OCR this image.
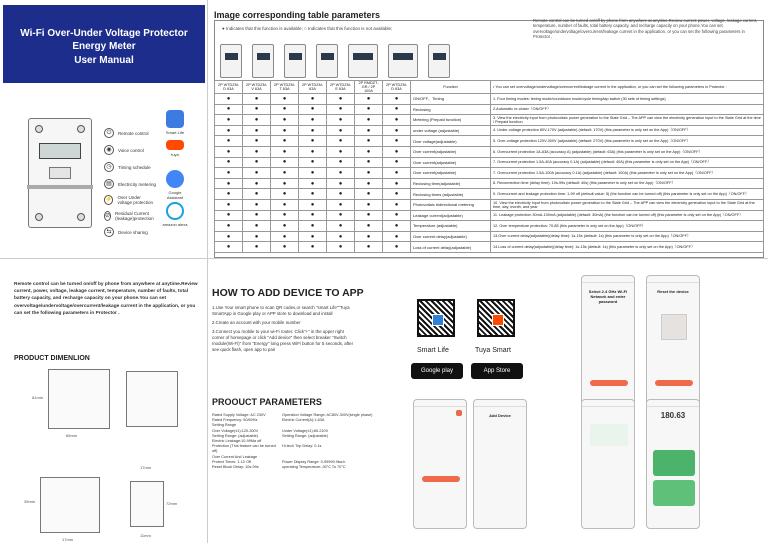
Wi-Fi Over-Under Voltage Protector Energy Meter
User Manual
⏻	Remote control
◉	Voice control
◷	Timing schedule
▤	Electricity metering
⚡ Over Under voltage protection
⊘ Residual Current (leakage)protection
⇆	Device sharing
Smart Life
tuya
Google Assistant
amazon alexa
Image corresponding table parameters
● Indicates that this function is available; ○ Indicates that this function is not available;
Remote control can be turned on/off by phone from anywhere at anytime.Review current power, voltage, leakage current, temperature, number of faults, total battery capacity, and recharge capacity on your phone.You can set overvoltage/undervoltage/overcurrent/leakage current in the application, or you can set the following parameters in Protector .
2P WTDZM-D 63A	2P WTDZM-V 63A	2P WTDZM-T 63A	2P WTDZM-63A	2P WTDZM-E 63A	2P RMDZT-GR / 2P 100A	2P WTDZM-D 63A	Function	• You can set overvoltage/undervoltage/overcurrent/leakage current in the application, or you can set the following parameters in Protector :
●	●	●	●	●	●	●	ON/OFF、Timing	1. Four timing modes: timing mode/countdown mode/cycle timing/tap switch (30 sets of timing settings)
●	●	●	●	●	●	●	Reclosing	2.Automatic re-closer（ON/OFF）
●	●	●	●	●	●	●	Metering (Prepaid function)	3. View the electricity input from photovoltaic power generation to the State Grid – The APP can view the electricity generation input to the State Grid at the time / Prepaid function
●	●	●	●	●	●	●	under voltage (adjustable)	4. Under-voltage protection 80V-170V (adjustable) (default: 170V) (this parameter is only set on the App)（ON/OFF）
●	●	●	●	●	●	●	Over voltage(adjustable)	5. Over-voltage protection 120V-300V (adjustable) (default: 270V) (this parameter is only set on the App)（ON/OFF）
●	●	●	●	●	●	●	Over current(adjustable)	6. Overcurrent protection 1A-63A (accuracy A) (adjustable) (default: 63A) (this parameter is only set on the App)（ON/OFF）
●	●	●	●	●	●	●	Over current(adjustable)	7. Overcurrent protection 1.5A-40A (accuracy 0.1A) (adjustable) (default: 40A) (this parameter is only set on the App)（ON/OFF）
●	●	●	●	●	●	●	Over current(adjustable)	7. Overcurrent protection 1.5A-100A (accuracy 0.1A) (adjustable) (default: 100A) (this parameter is only set on the App)（ON/OFF）
●	●	●	●	●	●	●	Reclosing time(adjustable)	8. Reconnection time (delay time): 10s-99s (default: 40s) (this parameter is only set on the App)（ON/OFF）
●	●	●	●	●	●	●	Reclosing times (adjustable)	9. Overcurrent and leakage protection time: 1-99 off (default value: 5) (the function can be turned off) (this parameter is only set on the App)（ON/OFF）
●	●	●	●	●	●	●	Photovoltaic bidirectional metering	10. View the electricity input from photovoltaic power generation to the State Grid – The APP can view the electricity generation input to the State Grid at the time, day, month, and year
●	●	●	●	●	●	●	Leakage current(adjustable)	11. Leakage protection 30mA-100mA (adjustable) (default: 30mA) (the function can be turned off) (this parameter is only set on the App)（ON/OFF）
●	●	●	●	●	●	●	Temperature (adjustable)	12. Over temperature protection: 70-85 (this parameter is only set on the App)（ON/OFF）
●	●	●	●	●	●	●	Over current delay(adjustable)	13.Over current delay(adjustable)(delay time): 1s-15s (default: 1s) (this parameter is only set on the App)（ON/OFF）
●	●	●	●	●	●	●	Loss of current delay(adjustable)	14.Loss of current delay(adjustable)(delay time): 1s-15s (default: 1s) (this parameter is only set on the App)（ON/OFF）
Remote control can be turned on/off by phone from anywhere at anytime.Review current, power, voltage, leakage current, temperature, number of faults, total battery capacity, and recharge capacity on your phone.You can set overvoltage/undervoltage/overcurrent/leakage current in the application, or you can set the following parameters in Protector .
PRODUCT DIMENLION
81mm
66mm
17mm
35mm
17mm
72mm
11mm
HOW TO ADD DEVICE TO APP

1.Use Your smart phone to scan QR codes,or search "smart Life""Tuya SmartApp in Google play or APP store to download and install

2.Create an account with your mobile number

3.Connect you mobile to your wi-Fi router. Click"+" in the upper right corner of homepage or click "Add device" then select breaker "Switch module(Wi-Fi)" from "Energy" long press WiFi button for 5 seconds, after see quick flash, open app to pair

PROOUCT PARAMETERS
Rated Supply Voltage: AC 230V	Operation Voltage Range: AC80V-300V(single phase)
Rated Frequency: 50/60Hz	Electric Current(A):1-63A
Setting Range
Over Voltage(±1):120-300V	Under Voltage(±1):80-210V
Setting Range: (adjustable)	Setting Range: (adjustable)
Electric Leakage:10-99Ma off
Protection (This feature can be turned off)
Hi-tech Trip Delay: 0.1s
Over Current And Leakage
Protect Times: 1-10 Off	Power Display Range: 0-99999.9kw.h
Reset Block Delay: 10s-99s	operating Temperature:-30°C To 70°C
Smart Life	Tuya Smart
Google play	App Store
Select 2.4 GHz Wi-Fi Network and enter password
Reset the device
Add Device	180.63
